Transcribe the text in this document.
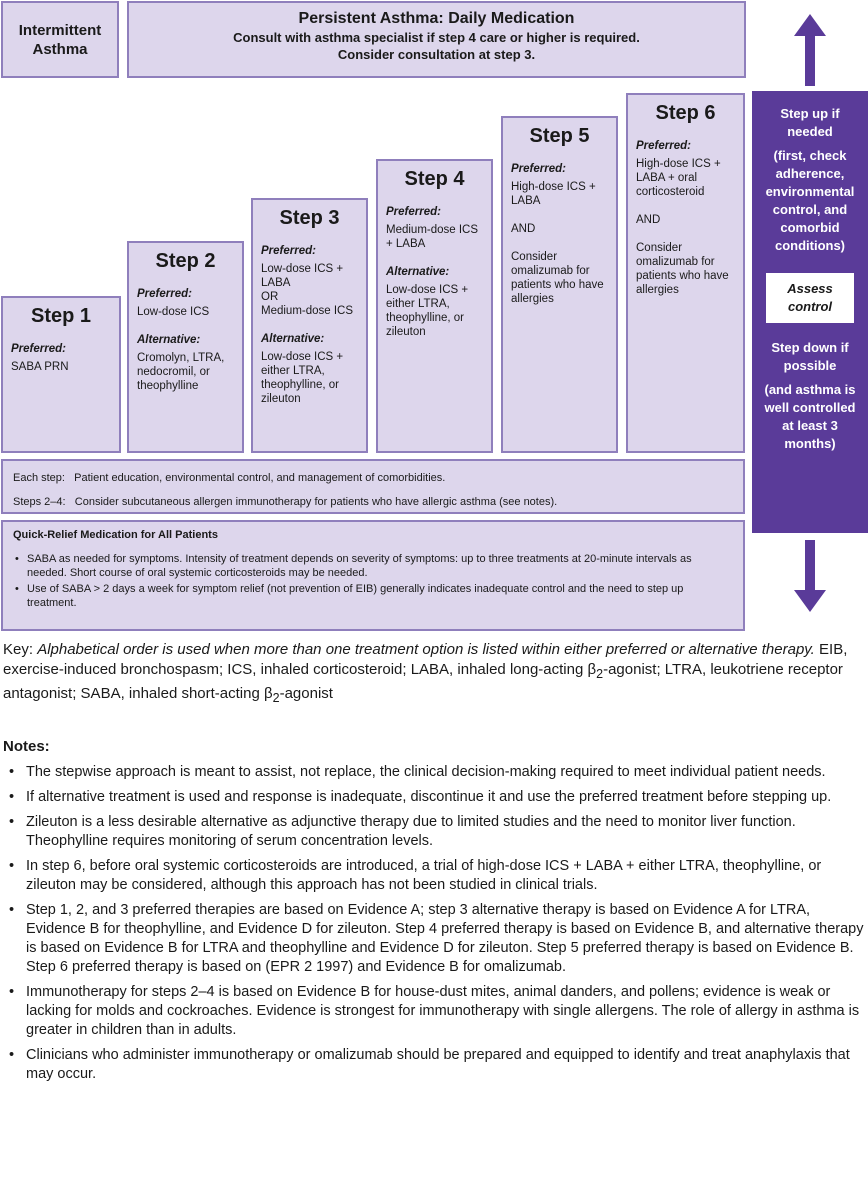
Intermittent Asthma
Persistent Asthma: Daily Medication
Consult with asthma specialist if step 4 care or higher is required.
Consider consultation at step 3.
Step 1
Preferred:

SABA PRN

Step 2
Preferred:

Low-dose ICS

Alternative:

Cromolyn, LTRA, nedocromil, or theophylline

Step 3
Preferred:
Low-dose ICS + LABA
OR

Medium-dose ICS

Alternative:

Low-dose ICS + either LTRA, theophylline, or zileuton

Step 4
Preferred:

Medium-dose ICS + LABA

Alternative:

Low-dose ICS + either LTRA, theophylline, or zileuton

Step 5
Preferred:

High-dose ICS + LABA

AND

Consider omalizumab for patients who have allergies

Step 6
Preferred:

High-dose ICS + LABA + oral corticosteroid

AND

Consider omalizumab for patients who have allergies

Each step: Patient education, environmental control, and management of comorbidities.
Steps 2–4: Consider subcutaneous allergen immunotherapy for patients who have allergic asthma (see notes).
Quick-Relief Medication for All Patients
• SABA as needed for symptoms. Intensity of treatment depends on severity of symptoms: up to three treatments at 20-minute intervals as needed. Short course of oral systemic corticosteroids may be needed.
• Use of SABA > 2 days a week for symptom relief (not prevention of EIB) generally indicates inadequate control and the need to step up treatment.
Step up if needed
(first, check adherence, environmental control, and comorbid conditions)
Assess control
Step down if possible
(and asthma is well controlled at least 3 months)
Key: Alphabetical order is used when more than one treatment option is listed within either preferred or alternative therapy. EIB, exercise-induced bronchospasm; ICS, inhaled corticosteroid; LABA, inhaled long-acting $\beta_2$-agonist; LTRA, leukotriene receptor antagonist; SABA, inhaled short-acting $\beta_2$-agonist
Notes:
• The stepwise approach is meant to assist, not replace, the clinical decision-making required to meet individual patient needs.
• If alternative treatment is used and response is inadequate, discontinue it and use the preferred treatment before stepping up.
• Zileuton is a less desirable alternative as adjunctive therapy due to limited studies and the need to monitor liver function. Theophylline requires monitoring of serum concentration levels.
• In step 6, before oral systemic corticosteroids are introduced, a trial of high-dose ICS + LABA + either LTRA, theophylline, or zileuton may be considered, although this approach has not been studied in clinical trials.
• Step 1, 2, and 3 preferred therapies are based on Evidence A; step 3 alternative therapy is based on Evidence A for LTRA, Evidence B for theophylline, and Evidence D for zileuton. Step 4 preferred therapy is based on Evidence B, and alternative therapy is based on Evidence B for LTRA and theophylline and Evidence D for zileuton. Step 5 preferred therapy is based on Evidence B. Step 6 preferred therapy is based on (EPR 2 1997) and Evidence B for omalizumab.
• Immunotherapy for steps 2–4 is based on Evidence B for house-dust mites, animal danders, and pollens; evidence is weak or lacking for molds and cockroaches. Evidence is strongest for immunotherapy with single allergens. The role of allergy in asthma is greater in children than in adults.
• Clinicians who administer immunotherapy or omalizumab should be prepared and equipped to identify and treat anaphylaxis that may occur.
